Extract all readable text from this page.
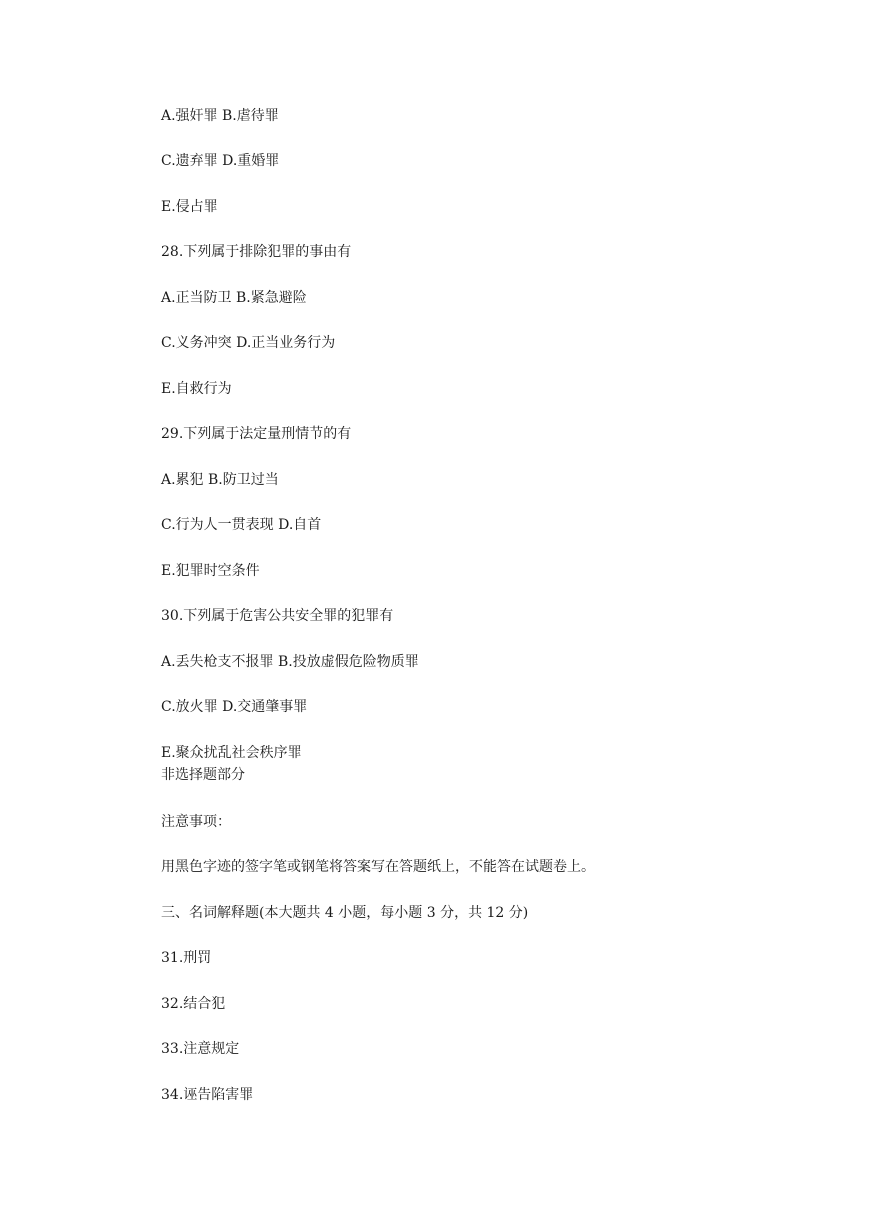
A.强奸罪 B.虐待罪
C.遗弃罪 D.重婚罪
E.侵占罪
28.下列属于排除犯罪的事由有
A.正当防卫 B.紧急避险
C.义务冲突 D.正当业务行为
E.自救行为
29.下列属于法定量刑情节的有
A.累犯 B.防卫过当
C.行为人一贯表现 D.自首
E.犯罪时空条件
30.下列属于危害公共安全罪的犯罪有
A.丢失枪支不报罪 B.投放虚假危险物质罪
C.放火罪 D.交通肇事罪
E.聚众扰乱社会秩序罪
非选择题部分
注意事项：
用黑色字迹的签字笔或钢笔将答案写在答题纸上，不能答在试题卷上。
三、名词解释题(本大题共 4 小题，每小题 3 分，共 12 分)
31.刑罚
32.结合犯
33.注意规定
34.诬告陷害罪
